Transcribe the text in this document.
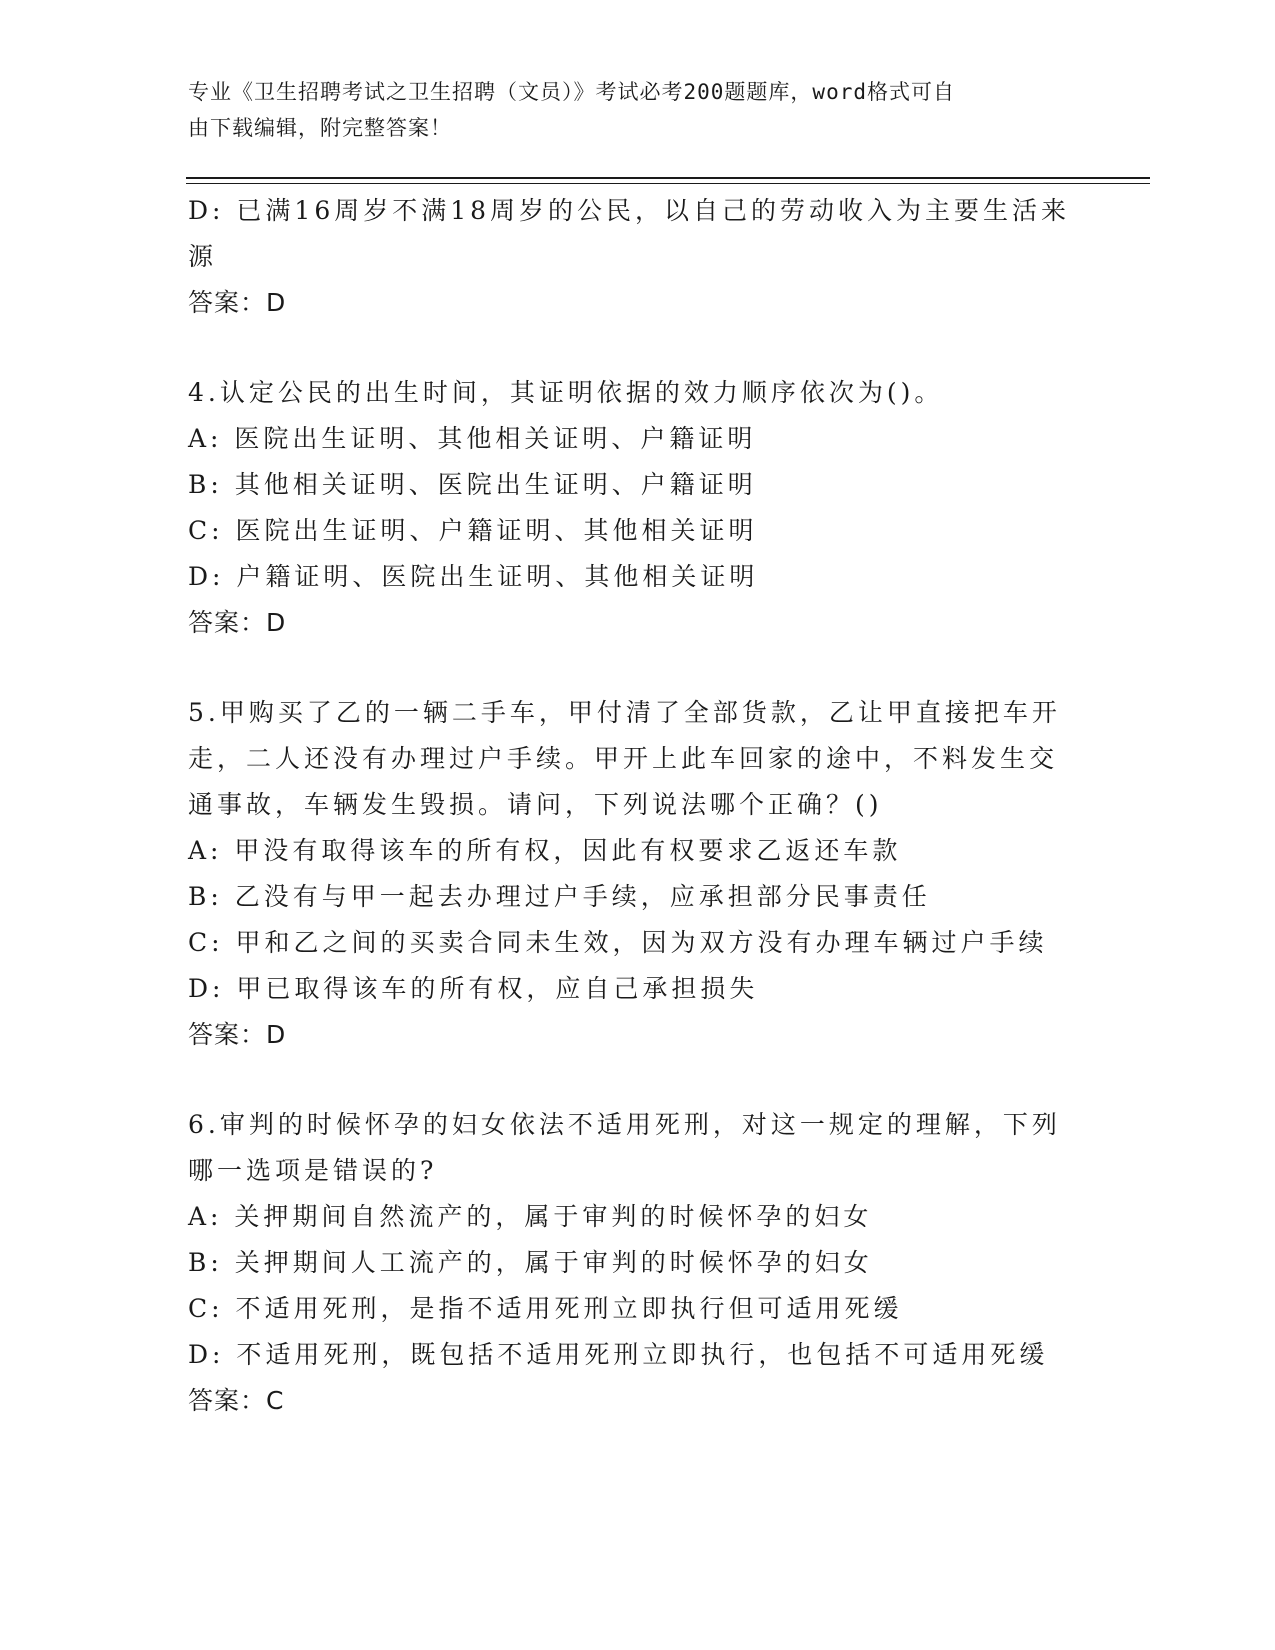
专业《卫生招聘考试之卫生招聘（文员）》考试必考200题题库，word格式可自
由下载编辑，附完整答案！
D: 已满16周岁不满18周岁的公民，以自己的劳动收入为主要生活来
源
答案：D
4.认定公民的出生时间，其证明依据的效力顺序依次为()。
A: 医院出生证明、其他相关证明、户籍证明
B: 其他相关证明、医院出生证明、户籍证明
C: 医院出生证明、户籍证明、其他相关证明
D: 户籍证明、医院出生证明、其他相关证明
答案：D
5.甲购买了乙的一辆二手车，甲付清了全部货款，乙让甲直接把车开
走，二人还没有办理过户手续。甲开上此车回家的途中，不料发生交
通事故，车辆发生毁损。请问，下列说法哪个正确？()
A: 甲没有取得该车的所有权，因此有权要求乙返还车款
B: 乙没有与甲一起去办理过户手续，应承担部分民事责任
C: 甲和乙之间的买卖合同未生效，因为双方没有办理车辆过户手续
D: 甲已取得该车的所有权，应自己承担损失
答案：D
6.审判的时候怀孕的妇女依法不适用死刑，对这一规定的理解，下列
哪一选项是错误的?
A: 关押期间自然流产的，属于审判的时候怀孕的妇女
B: 关押期间人工流产的，属于审判的时候怀孕的妇女
C: 不适用死刑，是指不适用死刑立即执行但可适用死缓
D: 不适用死刑，既包括不适用死刑立即执行，也包括不可适用死缓
答案：C
